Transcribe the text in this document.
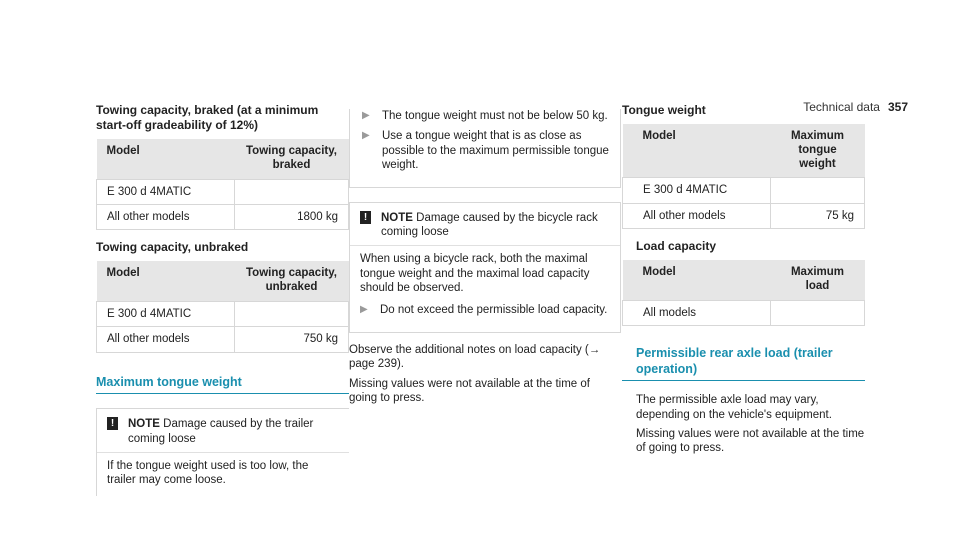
Technical data 357
Towing capacity, braked (at a minimum start-off gradeability of 12%)
Model	Towing capacity, braked
E 300 d 4MATIC	
All other models	1800 kg
Towing capacity, unbraked
Model	Towing capacity, unbraked
E 300 d 4MATIC	
All other models	750 kg
Maximum tongue weight
!	NOTE Damage caused by the trailer coming loose
If the tongue weight used is too low, the trailer may come loose.
▶	The tongue weight must not be below 50 kg.
▶	Use a tongue weight that is as close as possible to the maximum permissible tongue weight.
!	NOTE Damage caused by the bicycle rack coming loose
When using a bicycle rack, both the maximal tongue weight and the maximal load capacity should be observed.
▶	Do not exceed the permissible load capacity.

Observe the additional notes on load capacity (→ page 239).

Missing values were not available at the time of going to press.

Tongue weight
Model	Maximum tongue weight
E 300 d 4MATIC	
All other models	75 kg
Load capacity
Model	Maximum load
All models	
Permissible rear axle load (trailer operation)

The permissible axle load may vary, depending on the vehicle's equipment.

Missing values were not available at the time of going to press.
